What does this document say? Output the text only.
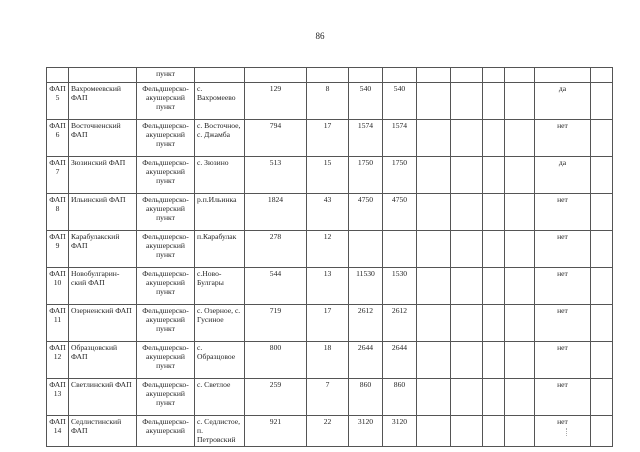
86
		пункт											
ФАП 5	Вахромеевский ФАП	Фельдшерско-акушерский пункт	с. Вахромеево	129	8	540	540					да	
ФАП 6	Восточненский ФАП	Фельдшерско-акушерский пункт	с. Восточное, с. Джамба	794	17	1574	1574					нет	
ФАП 7	Зюзинский ФАП	Фельдшерско-акушерский пункт	с. Зюзино	513	15	1750	1750					да	
ФАП 8	Ильинский ФАП	Фельдшерско-акушерский пункт	р.п.Ильинка	1824	43	4750	4750					нет	
ФАП 9	Карабулакский ФАП	Фельдшерско-акушерский пункт	п.Карабулак	278	12							нет	
ФАП 10	Новобулгарин-ский ФАП	Фельдшерско-акушерский пункт	с.Ново-Булгары	544	13	11530	1530					нет	
ФАП 11	Озерненский ФАП	Фельдшерско-акушерский пункт	с. Озерное, с. Гусиное	719	17	2612	2612					нет	
ФАП 12	Образцовский ФАП	Фельдшерско-акушерский пункт	с. Образцовое	800	18	2644	2644					нет	
ФАП 13	Светлинский ФАП	Фельдшерско-акушерский пункт	с. Светлое	259	7	860	860					нет	
ФАП 14	Седлистинский ФАП	Фельдшерско-акушерский	с. Седлистое, п. Петровский	921	22	3120	3120					нет	
